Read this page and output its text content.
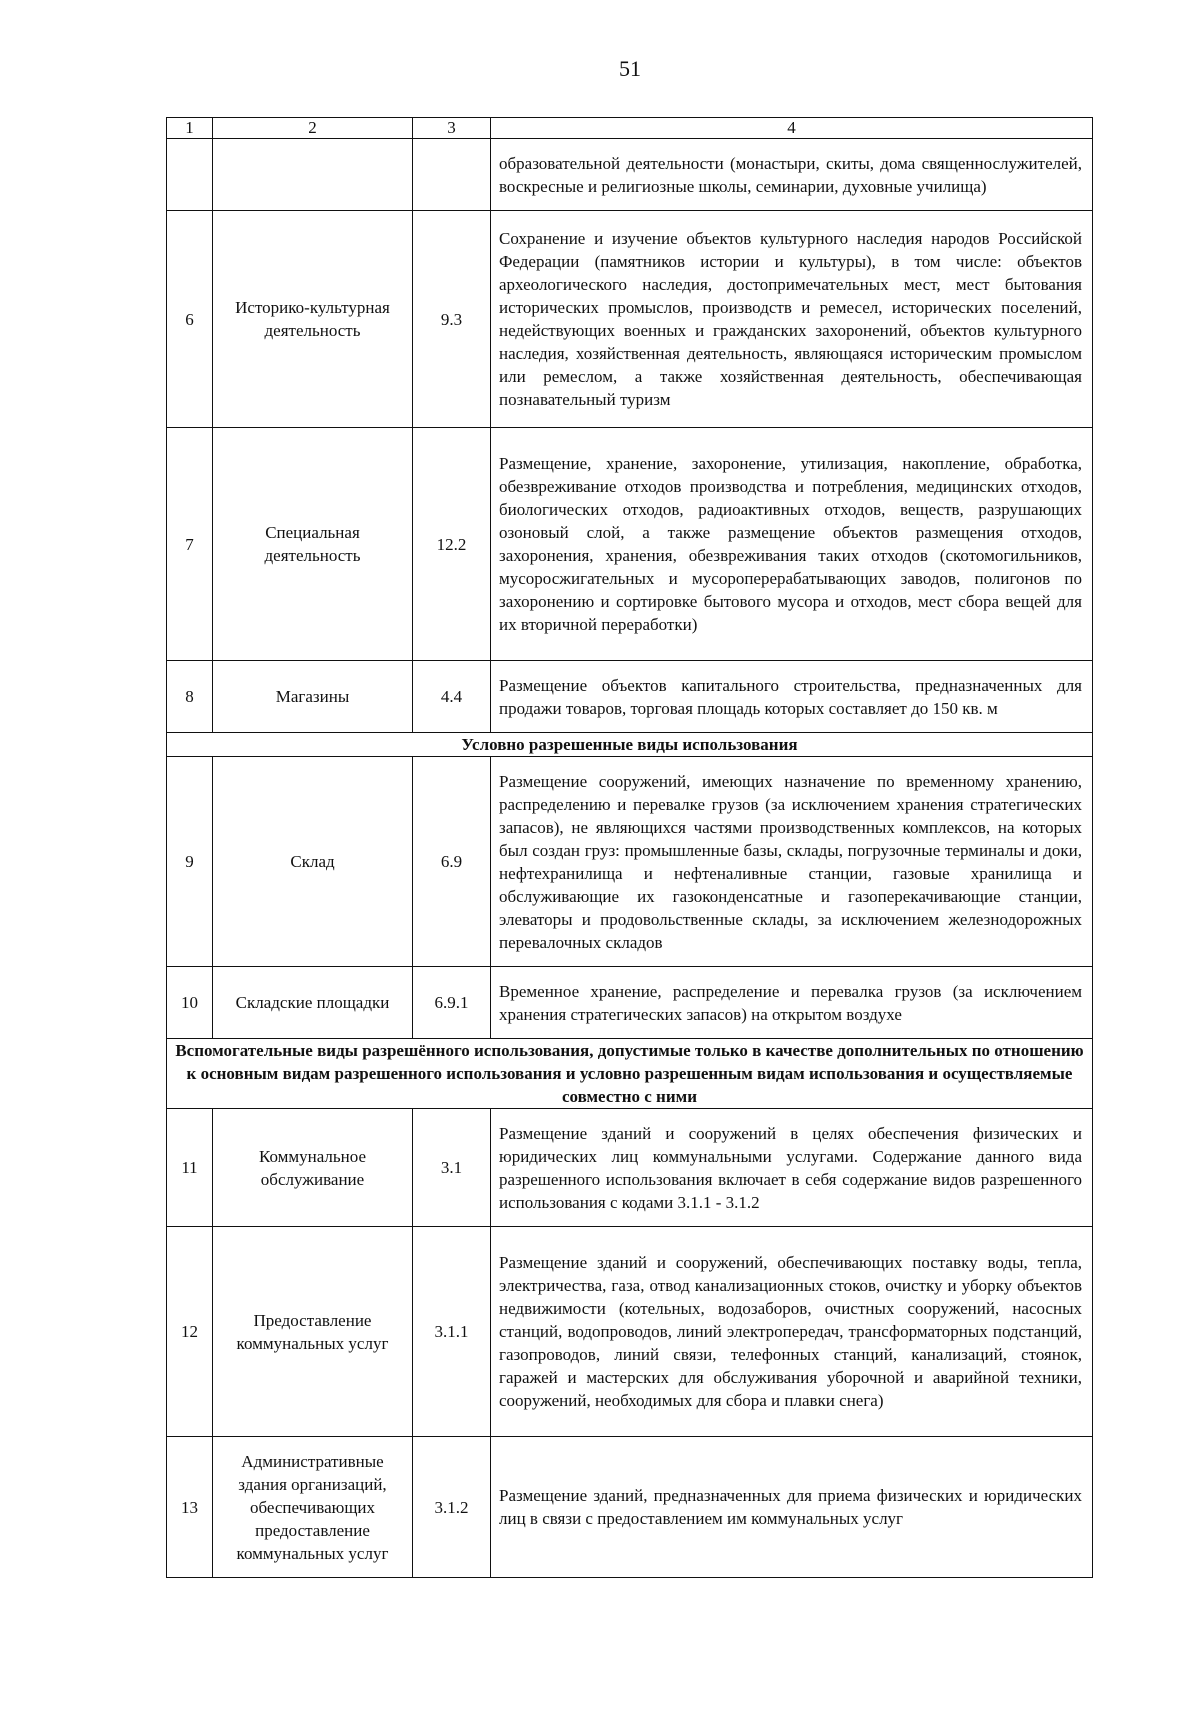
51
1	2	3	4
			образовательной деятельности (монастыри, скиты, дома священнослужителей, воскресные и религиозные школы, семинарии, духовные училища)
6	Историко-культурная деятельность	9.3	Сохранение и изучение объектов культурного наследия народов Российской Федерации (памятников истории и культуры), в том числе: объектов археологического наследия, достопримечательных мест, мест бытования исторических промыслов, производств и ремесел, исторических поселений, недействующих военных и гражданских захоронений, объектов культурного наследия, хозяйственная деятельность, являющаяся историческим промыслом или ремеслом, а также хозяйственная деятельность, обеспечивающая познавательный туризм
7	Специальная деятельность	12.2	Размещение, хранение, захоронение, утилизация, накопление, обработка, обезвреживание отходов производства и потребления, медицинских отходов, биологических отходов, радиоактивных отходов, веществ, разрушающих озоновый слой, а также размещение объектов размещения отходов, захоронения, хранения, обезвреживания таких отходов (скотомогильников, мусоросжигательных и мусороперерабатывающих заводов, полигонов по захоронению и сортировке бытового мусора и отходов, мест сбора вещей для их вторичной переработки)
8	Магазины	4.4	Размещение объектов капитального строительства, предназначенных для продажи товаров, торговая площадь которых составляет до 150 кв. м
Условно разрешенные виды использования			
9	Склад	6.9	Размещение сооружений, имеющих назначение по временному хранению, распределению и перевалке грузов (за исключением хранения стратегических запасов), не являющихся частями производственных комплексов, на которых был создан груз: промышленные базы, склады, погрузочные терминалы и доки, нефтехранилища и нефтеналивные станции, газовые хранилища и обслуживающие их газоконденсатные и газоперекачивающие станции, элеваторы и продовольственные склады, за исключением железнодорожных перевалочных складов
10	Складские площадки	6.9.1	Временное хранение, распределение и перевалка грузов (за исключением хранения стратегических запасов) на открытом воздухе
Вспомогательные виды разрешённого использования, допустимые только в качестве дополнительных по отношению к основным видам разрешенного использования и условно разрешенным видам использования и осуществляемые совместно с ними			
11	Коммунальное обслуживание	3.1	Размещение зданий и сооружений в целях обеспечения физических и юридических лиц коммунальными услугами. Содержание данного вида разрешенного использования включает в себя содержание видов разрешенного использования с кодами 3.1.1 - 3.1.2
12	Предоставление коммунальных услуг	3.1.1	Размещение зданий и сооружений, обеспечивающих поставку воды, тепла, электричества, газа, отвод канализационных стоков, очистку и уборку объектов недвижимости (котельных, водозаборов, очистных сооружений, насосных станций, водопроводов, линий электропередач, трансформаторных подстанций, газопроводов, линий связи, телефонных станций, канализаций, стоянок, гаражей и мастерских для обслуживания уборочной и аварийной техники, сооружений, необходимых для сбора и плавки снега)
13	Административные здания организаций, обеспечивающих предоставление коммунальных услуг	3.1.2	Размещение зданий, предназначенных для приема физических и юридических лиц в связи с предоставлением им коммунальных услуг
